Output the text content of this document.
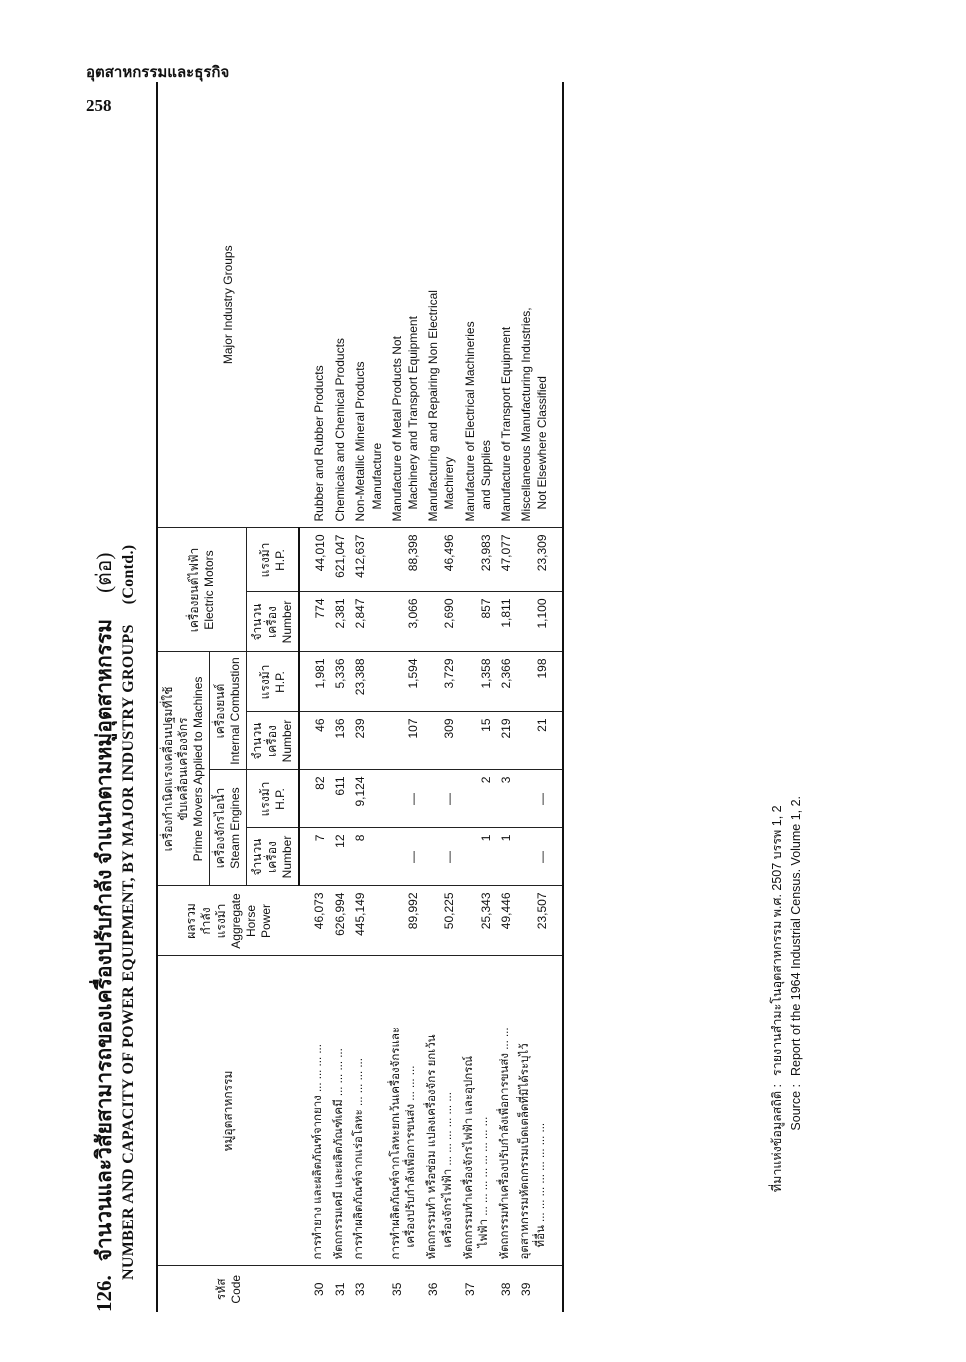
อุตสาหกรรมและธุรกิจ
258
126.จำนวนและวิสัยสามารถของเครื่องปรับกำลัง จำแนกตามหมู่อุตสาหกรรม(ต่อ)
NUMBER AND CAPACITY OF POWER EQUIPMENT, BY MAJOR INDUSTRY GROUPS(Contd.)
รหัส Code	หมู่อุตสาหกรรม	ผลรวมกำลังแรงม้า Aggregate Horse Power	เครื่องกำเนิดแรงเคลื่อนปฐมที่ใช้ ขับเคลื่อนเครื่องจักร Prime Movers Applied to Machines				เครื่องยนต์ไฟฟ้า Electric Motors		Major Industry Groups

			เครื่องจักรไอน้ำ Steam Engines		เครื่องยนต์ Internal Combustion				

			จำนวน เครื่อง Number	แรงม้า H.P.	จำนวน เครื่อง Number	แรงม้า H.P.	จำนวน เครื่อง Number	แรงม้า H.P.	

30	การทำยาง และผลิตภัณฑ์จากยาง ... ... ... ...	46,073	7	82	46	1,981	774	44,010	Rubber and Rubber Products
31	หัตถกรรมเคมี และผลิตภัณฑ์เคมี ... ... ... ...	626,994	12	611	136	5,336	2,381	621,047	Chemicals and Chemical Products
33	การทำผลิตภัณฑ์จากแร่อโลหะ ... ... ... ...	445,149	8	9,124	239	23,388	2,847	412,637	Non-Metallic Mineral Products Manufacture

35	การทำผลิตภัณฑ์จากโลหะยกเว้นเครื่องจักรและ เครื่องปรับกำลังเพื่อการขนส่ง ... ... ...	89,992	—	—	107	1,594	3,066	88,398	Manufacture of Metal Products Not Machinery and Transport Equipment

36	หัตถกรรมทำ หรือซ่อม แปลงเครื่องจักร ยกเว้น เครื่องจักรไฟฟ้า ... ... ... ... ... ...	50,225	—	—	309	3,729	2,690	46,496	Manufacturing and Repairing Non Electrical Machirery

37	หัตถกรรมทำเครื่องจักรไฟฟ้า และอุปกรณ์ ไฟฟ้า ... ... ... ... ... ... ... ...	25,343	1	2	15	1,358	857	23,983	Manufacture of Electrical Machineries and Supplies

38	หัตถกรรมทำเครื่องปรับกำลังเพื่อการขนส่ง ... ...	49,446	1	3	219	2,366	1,811	47,077	Manufacture of Transport Equipment
39	อุตสาหกรรมหัตถกรรมเบ็ดเตล็ดที่มิได้ระบุไว้ ที่อื่น ... ... ... ... ... ... ... ...	23,507	—	—	21	198	1,100	23,309	Miscellaneous Manufacturing Industries, Not Elsewhere Classified
ที่มาแห่งข้อมูลสถิติ :รายงานสำมะโนอุตสาหกรรม พ.ศ. 2507 บรรพ 1, 2
Source :Report of the 1964 Industrial Census. Volume 1, 2.
